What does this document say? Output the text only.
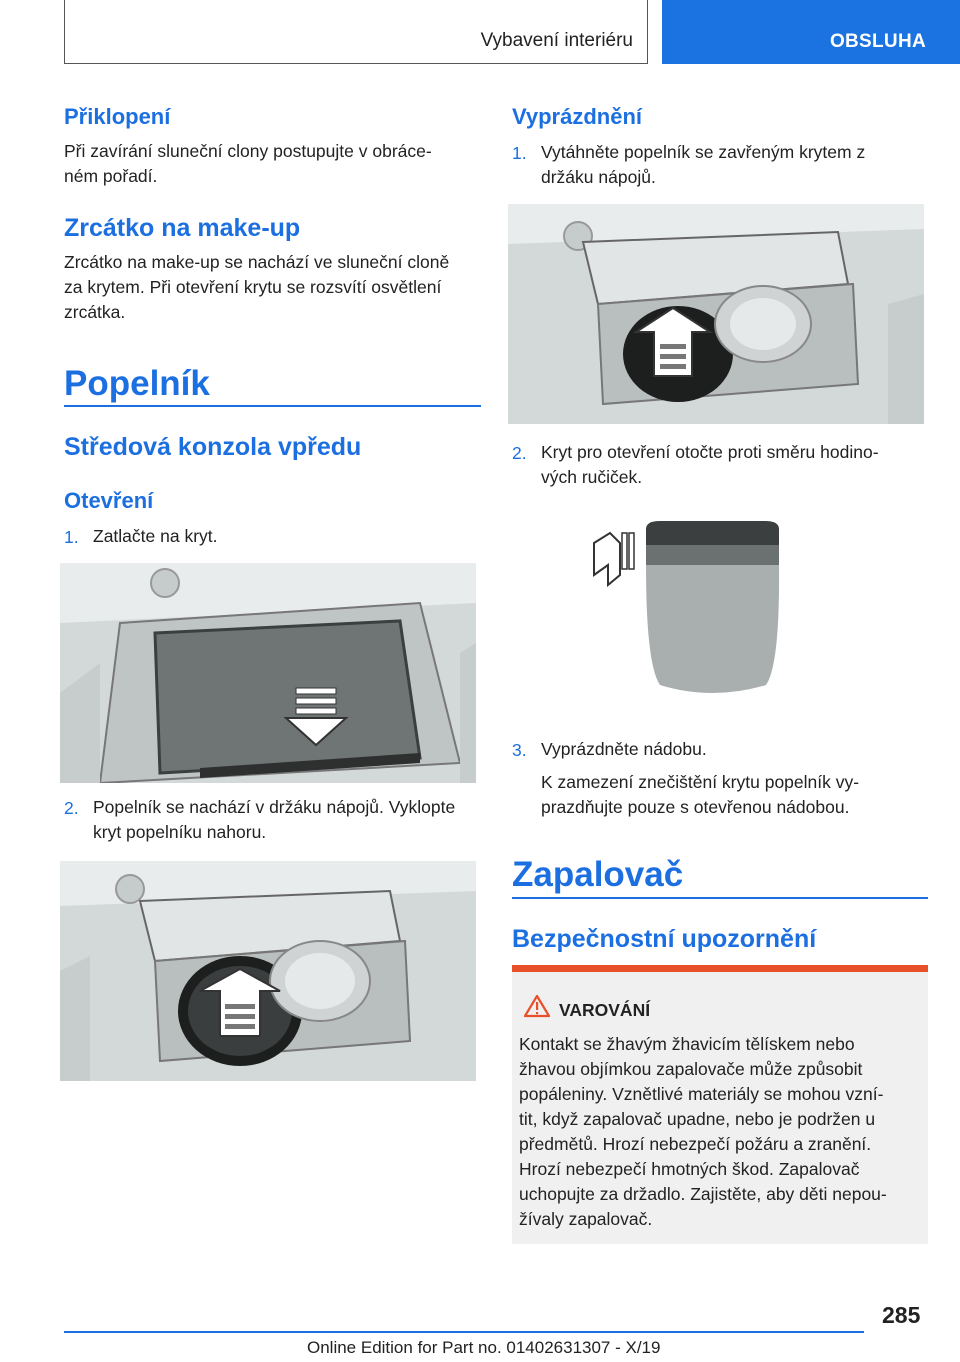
Vybavení interiéru	OBSLUHA
Přiklopení
Při zavírání sluneční clony postupujte v obráce-
ném pořadí.
Zrcátko na make-up
Zrcátko na make-up se nachází ve sluneční cloně
za krytem. Při otevření krytu se rozsvítí osvětlení
zrcátka.
Popelník
Středová konzola vpředu
Otevření
1. Zatlačte na kryt.
2. Popelník se nachází v držáku nápojů. Vyklopte
kryt popelníku nahoru.
Vyprázdnění
1. Vytáhněte popelník se zavřeným krytem z
držáku nápojů.
2. Kryt pro otevření otočte proti směru hodino-
vých ručiček.
3. Vyprázdněte nádobu.
K zamezení znečištění krytu popelník vy-
prazdňujte pouze s otevřenou nádobou.
Zapalovač
Bezpečnostní upozornění
VAROVÁNÍ
Kontakt se žhavým žhavicím tělískem nebo
žhavou objímkou zapalovače může způsobit
popáleniny. Vznětlivé materiály se mohou vzní-
tit, když zapalovač upadne, nebo je podržen u
předmětů. Hrozí nebezpečí požáru a zranění.
Hrozí nebezpečí hmotných škod. Zapalovač
uchopujte za držadlo. Zajistěte, aby děti nepou-
žívaly zapalovač.
285
Online Edition for Part no. 01402631307 - X/19
